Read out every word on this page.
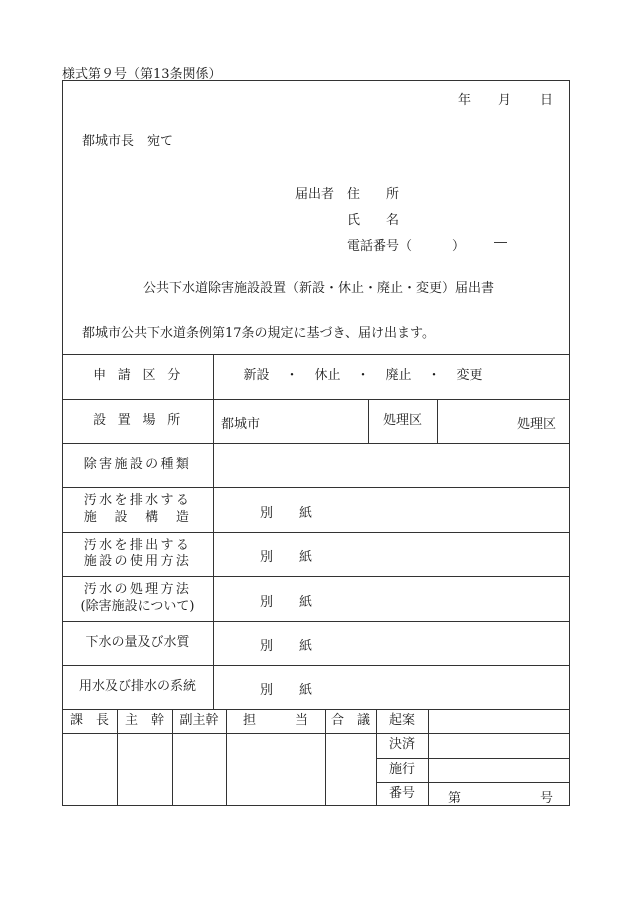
様式第９号（第13条関係）
年 月 日
都城市長　宛て
届出者 住　　所
氏　　名
電話番号（	） ―
公共下水道除害施設設置（新設・休止・廃止・変更）届出書
都城市公共下水道条例第17条の規定に基づき、届け出ます。
申請区分	新設 ・ 休止 ・ 廃止 ・ 変更
設置場所	都城市	処理区	処理区
除害施設の種類
汚水を排水する
施　設　構　造	別　　紙
汚水を排出する
施設の使用方法	別　　紙
汚水の処理方法
(除害施設について)	別　　紙
下水の量及び水質	別　　紙
用水及び排水の系統	別　　紙
課　長	主　幹	副主幹	担　　　当	合　議	起案
決済
施行
番号	第	号
